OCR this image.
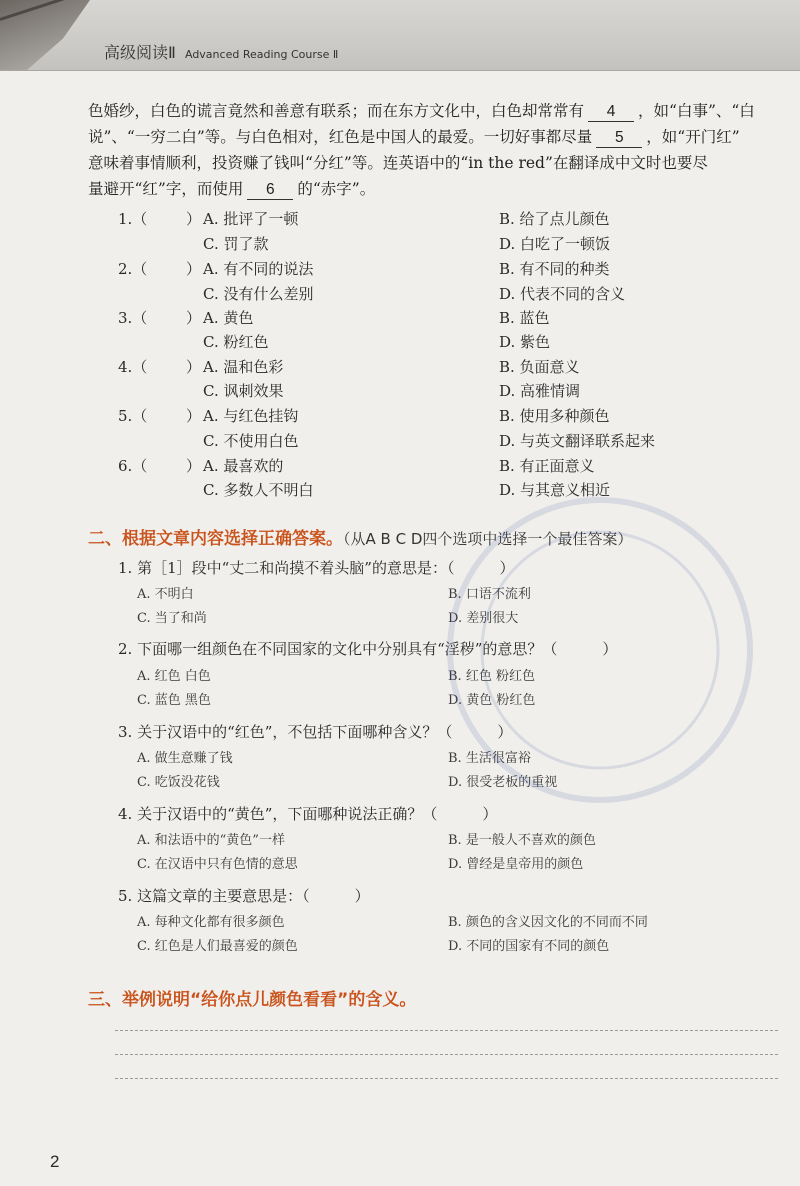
高级阅读Ⅱ Advanced Reading Course Ⅱ
色婚纱，白色的谎言竟然和善意有联系；而在东方文化中，白色却常常有 4 ，如“白事”、“白
说”、“一穷二白”等。与白色相对，红色是中国人的最爱。一切好事都尽量 5 ，如“开门红”
意味着事情顺利，投资赚了钱叫“分红”等。连英语中的“in the red”在翻译成中文时也要尽
量避开“红”字，而使用 6 的“赤字”。
1.（	） A. 批评了一顿	B. 给了点儿颜色
C. 罚了款	D. 白吃了一顿饭
2.（	） A. 有不同的说法	B. 有不同的种类
C. 没有什么差别	D. 代表不同的含义
3.（	） A. 黄色	B. 蓝色
C. 粉红色	D. 紫色
4.（	） A. 温和色彩	B. 负面意义
C. 讽刺效果	D. 高雅情调
5.（	） A. 与红色挂钩	B. 使用多种颜色
C. 不使用白色	D. 与英文翻译联系起来
6.（	） A. 最喜欢的	B. 有正面意义
C. 多数人不明白	D. 与其意义相近
二、根据文章内容选择正确答案。（从A B C D四个选项中选择一个最佳答案）
1. 第［1］段中“丈二和尚摸不着头脑”的意思是：（　　　）
A. 不明白	B. 口语不流利
C. 当了和尚	D. 差别很大
2. 下面哪一组颜色在不同国家的文化中分别具有“淫秽”的意思？（　　　）
A. 红色 白色	B. 红色 粉红色
C. 蓝色 黑色	D. 黄色 粉红色
3. 关于汉语中的“红色”，不包括下面哪种含义？（　　　）
A. 做生意赚了钱	B. 生活很富裕
C. 吃饭没花钱	D. 很受老板的重视
4. 关于汉语中的“黄色”，下面哪种说法正确？（　　　）
A. 和法语中的“黄色”一样	B. 是一般人不喜欢的颜色
C. 在汉语中只有色情的意思	D. 曾经是皇帝用的颜色
5. 这篇文章的主要意思是：（　　　）
A. 每种文化都有很多颜色	B. 颜色的含义因文化的不同而不同
C. 红色是人们最喜爱的颜色	D. 不同的国家有不同的颜色
三、举例说明“给你点儿颜色看看”的含义。
2
